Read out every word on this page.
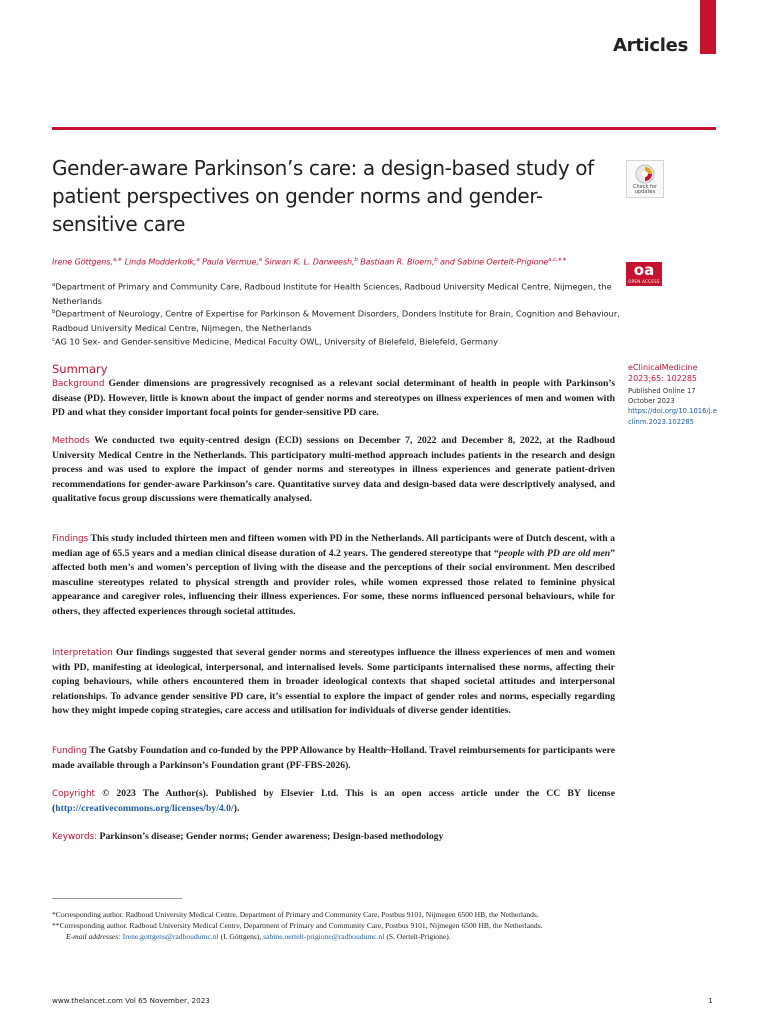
Articles
Gender-aware Parkinson’s care: a design-based study of patient perspectives on gender norms and gender-sensitive care
Check for
updates
oa
OPEN ACCESS
Irene Göttgens,$^{a,∗}$ Linda Modderkolk,$^a$ Paula Vermue,$^a$ Sirwan K. L. Darweesh,$^b$ Bastiaan R. Bloem,$^b$ and Sabine Oertelt-Prigione$^{a,c,∗∗}$
$^a$Department of Primary and Community Care, Radboud Institute for Health Sciences, Radboud University Medical Centre, Nijmegen, the Netherlands
$^b$Department of Neurology, Centre of Expertise for Parkinson & Movement Disorders, Donders Institute for Brain, Cognition and Behaviour, Radboud University Medical Centre, Nijmegen, the Netherlands
$^c$AG 10 Sex- and Gender-sensitive Medicine, Medical Faculty OWL, University of Bielefeld, Bielefeld, Germany
Summary

Background Gender dimensions are progressively recognised as a relevant social determinant of health in people with Parkinson’s disease (PD). However, little is known about the impact of gender norms and stereotypes on illness experiences of men and women with PD and what they consider important focal points for gender-sensitive PD care.

Methods We conducted two equity-centred design (ECD) sessions on December 7, 2022 and December 8, 2022, at the Radboud University Medical Centre in the Netherlands. This participatory multi-method approach includes patients in the research and design process and was used to explore the impact of gender norms and stereotypes in illness experiences and generate patient-driven recommendations for gender-aware Parkinson’s care. Quantitative survey data and design-based data were descriptively analysed, and qualitative focus group discussions were thematically analysed.

Findings This study included thirteen men and fifteen women with PD in the Netherlands. All participants were of Dutch descent, with a median age of 65.5 years and a median clinical disease duration of 4.2 years. The gendered stereotype that “people with PD are old men” affected both men’s and women’s perception of living with the disease and the perceptions of their social environment. Men described masculine stereotypes related to physical strength and provider roles, while women expressed those related to feminine physical appearance and caregiver roles, influencing their illness experiences. For some, these norms influenced personal behaviours, while for others, they affected experiences through societal attitudes.

Interpretation Our findings suggested that several gender norms and stereotypes influence the illness experiences of men and women with PD, manifesting at ideological, interpersonal, and internalised levels. Some participants internalised these norms, affecting their coping behaviours, while others encountered them in broader ideological contexts that shaped societal attitudes and interpersonal relationships. To advance gender sensitive PD care, it’s essential to explore the impact of gender roles and norms, especially regarding how they might impede coping strategies, care access and utilisation for individuals of diverse gender identities.

Funding The Gatsby Foundation and co-funded by the PPP Allowance by Health~Holland. Travel reimbursements for participants were made available through a Parkinson’s Foundation grant (PF-FBS-2026).

Copyright © 2023 The Author(s). Published by Elsevier Ltd. This is an open access article under the CC BY license (http://creativecommons.org/licenses/by/4.0/).

Keywords: Parkinson’s disease; Gender norms; Gender awareness; Design-based methodology

eClinicalMedicine
2023;65: 102285
Published Online 17 October 2023
https://doi.org/10.1016/j.eclinm.2023.102285
*Corresponding author. Radboud University Medical Centre, Department of Primary and Community Care, Postbus 9101, Nijmegen 6500 HB, the Netherlands.
**Corresponding author. Radboud University Medical Centre, Department of Primary and Community Care, Postbus 9101, Nijmegen 6500 HB, the Netherlands.
E-mail addresses: Irene.gottgens@radboudumc.nl (I. Göttgens), sabine.oertelt-prigione@radboudumc.nl (S. Oertelt-Prigione).
www.thelancet.com Vol 65 November, 2023	1
